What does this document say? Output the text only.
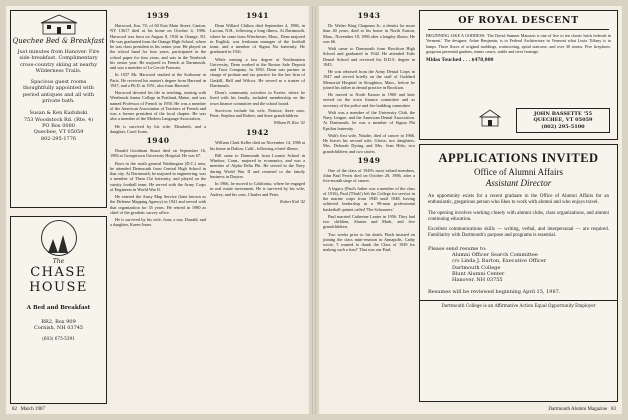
Quechee Bed & Breakfast
Just minutes from Hanover. Fire side breakfast. Complimentary cross-country skiing at nearby Wilderness Trails.
Spacious guest rooms thoughtfully appointed with period antiques and all with private bath.
Susan & Ken Kadubski
753 Woodstock Rd. (Rte. 4)
PO Box 0080
Quechee, VT 05059
802-295-1776
The
CHASE
HOUSE
A Bed and Breakfast
RR2, Box 909
Cornish, NH 03745
(603) 675-5391
1939

Harwood, Jim, 70, of 60 East Main Street, Canton, NY 13617 died at his home on October 4, 1986. Harwood was born on August 8, 1916 in Orange, NJ. He was graduated from the Orange High School, where he was class president in his senior year. He played on the school band for four years, participated in the school paper for four years, and was in the Yearbook his senior year. He majored in French at Dartmouth, and was a member of Le Cercle Francais.

In 1937 Mr. Harwood studied at the Sorbonne in Paris. He received his master's degree from Harvard in 1947, and a Ph.D. in 1951, also from Harvard.

Harwood devoted his life to teaching, starting with Westbrook Junior College in Portland, Maine, and was named Professor of French in 1950. He was a member of the American Association of Teachers of French and was a former president of the local chapter. He was also a member of the Modern Language Association.

He is survived by his wife, Elizabeth, and a daughter, Carol Jones.

1940

Donald Goodman Stuart died on September 16, 1986 at Georgetown University Hospital. He was 67.

Born in the north general Washington (D.C.) area, he attended Dartmouth from Central High School in that city. At Dartmouth, he majored in engineering, was a member of Theta Chi fraternity, and played on the varsity football team. He served with the Army Corps of Engineers in World War II.

He entered the Army Map Service (later known as the Defense Mapping Agency) in 1941 and served with that organization for 35 years. He retired in 1980 as chief of the geodetic survey office.

He is survived by his wife, Joan; a son, Donald; and a daughter, Karen Jones.

1941

Dean Willard Chilton died September 4, 1986, in Lacona, N.H., following a long illness. At Dartmouth, where he came from Winchester, Mass., Dean majored in English, was freshman manager of the football team, and a member of Sigma Nu fraternity. He graduated in 1941.

While earning a law degree at Northeastern University, Dean worked at the Boston Safe Deposit and Trust Company. In 1950, Dean was partner in charge of probate and tax practice for the law firm of Gaskill, Hall and Wilcox. He served as a trustee of Dartmouth.

Dean's community activities in Exeter, where he lived with his family, included membership on the town finance committee and the school board.

Survivors include his wife, Patricia; three sons, Peter, Stephen and Robert; and three grandchildren.

William H. Rice '41
1942

William Clark Keller died on November 14, 1986 at his home in Dalton, Calif., following a brief illness.

Bill came to Dartmouth from Loomis School in Windsor, Conn., majored in economics, and was a member of Alpha Delta Phi. He served in the Navy during World War II and returned to the family business in Dayton.

In 1966, he moved to California, where he engaged in real estate investment. He is survived by his wife, Audrey, and his sons, Charles and Peter.

Robert Kirk '42
82 March 1987
1943

Dr. Walter King Chapman Jr., a dentist for more than 40 years, died at his home in North Easton, Mass., November 18, 1986 after a lengthy illness. He was 66.

Walt came to Dartmouth from Brockton High School and graduated in 1942. He attended Tufts Dental School and received his D.D.S. degree in 1945.

He was released from the Army Dental Corps in 1947 and served briefly on the staff of Goddard Memorial Hospital in Stoughton, Mass., before he joined his father in dental practice in Brockton.

He moved to North Easton in 1960 and later served on the town finance committee and as secretary of the police and fire building committee.

Walt was a member of the University Club, the Navy League, and the American Dental Association. At Dartmouth, he was a member of Sigma Phi Epsilon fraternity.

Walt's first wife, Natalie, died of cancer in 1966. He leaves his second wife, Gloria; two daughters, Mrs. Deborah Dyring and Mrs. Jean Hilts; two grandchildren; and two sisters.

1949

One of the class of 1949's most valued members, John Paul Ferris died on October 20, 1986, after a five-month siege of cancer.

A legacy (Paul's father was a member of the class of 1916), Paul ('Flash') left the College for service in the marine corps from 1946 until 1948, having achieved leadership in a 98-man professional basketball quintet called 'The Schooners.'

Paul married Catherine Lanter in 1956. They had two children, Sharon and Mark, and five grandchildren.

Two weeks prior to his death, Flash insisted on joining the class mini-reunion in Annapolis. Cathy wrote, 'I wanted to thank the Class of 1949 for making such a fuss!' That was our Paul.

OF ROYAL DESCENT
BEGINNING LIKE A GODDESS: 'The David Sumner Mansion is one of five to ten classic brick federals in Vermont.' The designer, Asher Benjamin, is to Federal Architecture in Vermont what Louis Tiffany is to lamps. Three floors of original moldings, wainscoting, spiral staircase, and over 30 rooms. Five fireplaces, gorgeous perennial gardens, tennis courts, stable and river frontage.
Midas Touched . . . $478,000
JOHN BASSETTE '55
QUECHEE, VT 05059
(802) 295-5100
APPLICATIONS INVITED
Office of Alumni Affairs
Assistant Director
An opportunity exists for a recent graduate in the Office of Alumni Affairs for an enthusiastic, gregarious person who likes to work with alumni and who enjoys travel.
The opening involves working closely with alumni clubs, class organizations, and alumni continuing education.
Excellent communications skills — writing, verbal, and interpersonal — are required. Familiarity with Dartmouth's purpose and programs is essential.
Please send resume to:
Alumni Officer Search Committee
c/o Linda J. Barton, Executive Officer
Dartmouth College
Blunt Alumni Center
Hanover, NH 03755
Resumes will be reviewed beginning April 15, 1987.
Dartmouth College is an Affirmative Action Equal Opportunity Employer
Dartmouth Alumni Magazine 83
